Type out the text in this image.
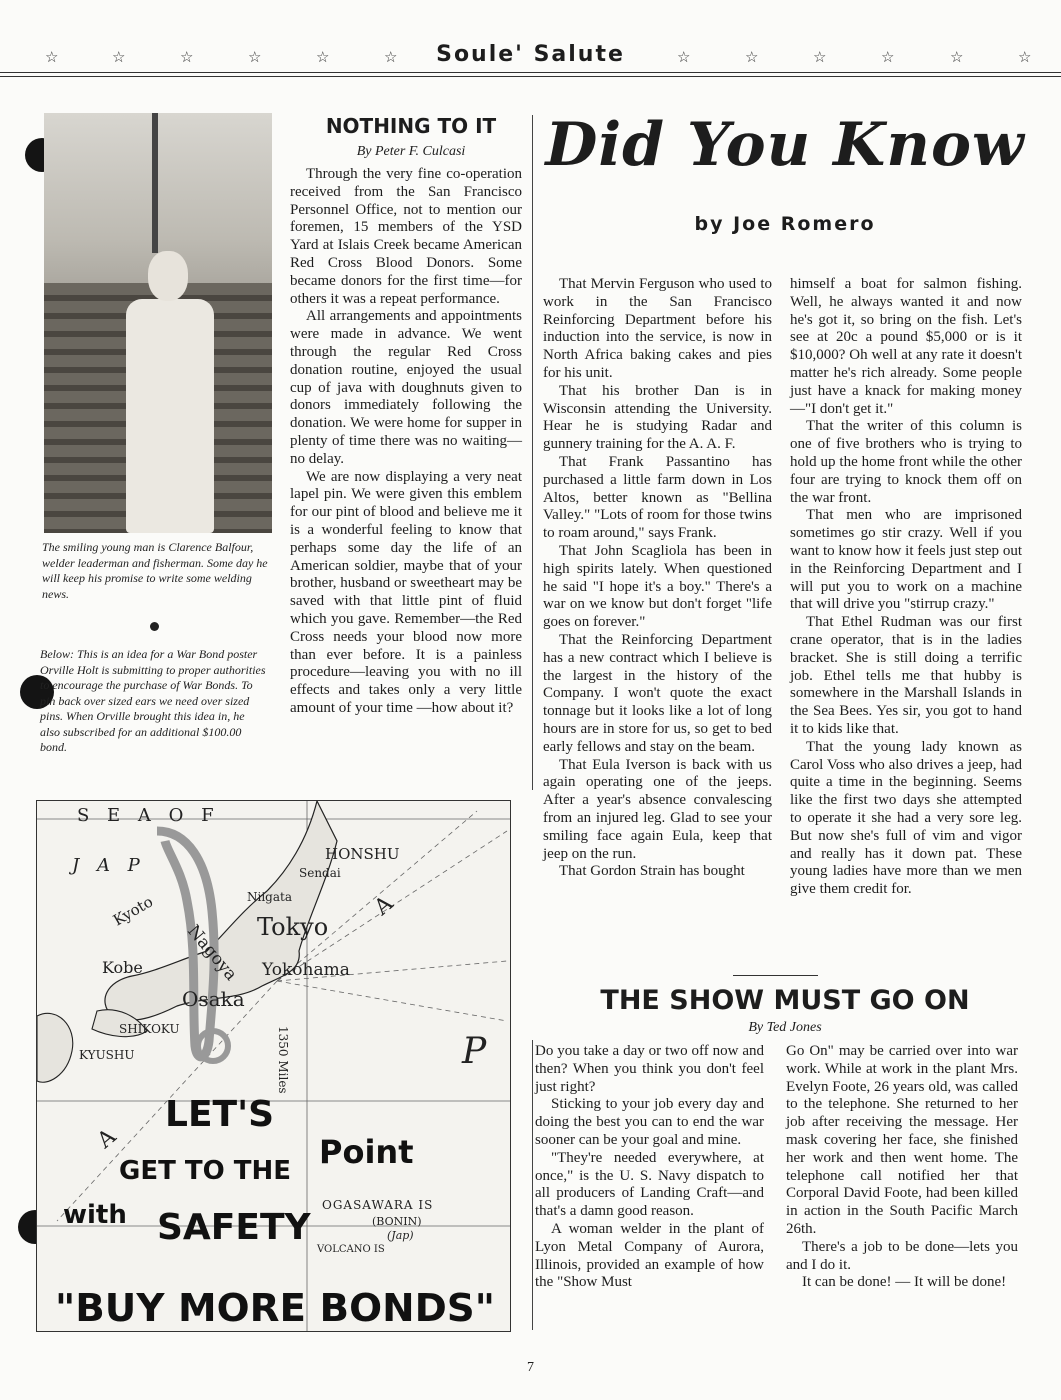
☆	☆	☆	☆	☆	☆	Soule' Salute	☆	☆	☆	☆	☆	☆
The smiling young man is Clarence Balfour, welder leaderman and fisherman. Some day he will keep his promise to write some welding news.
Below: This is an idea for a War Bond poster Orville Holt is submitting to proper authorities to encourage the purchase of War Bonds. To pin back over sized ears we need over sized pins. When Orville brought this idea in, he also subscribed for an additional $100.00 bond.
S E A O F
J A P
HONSHU
Sendai
Niigata
Tokyo
Kyoto
Nagoya
Kobe	Yokohama
Osaka
SHIKOKU
KYUSHU	1350 Miles	P
OGASAWARA IS
(BONIN)
(Jap)
VOLCANO IS
A
A
LET'S
GET TO THE Point
with SAFETY
"BUY MORE BONDS"
NOTHING TO IT
By Peter F. Culcasi

Through the very fine co-operation received from the San Francisco Personnel Office, not to mention our foremen, 15 members of the YSD Yard at Islais Creek became American Red Cross Blood Donors. Some became donors for the first time—for others it was a repeat performance.

All arrangements and appointments were made in advance. We went through the regular Red Cross donation routine, enjoyed the usual cup of java with doughnuts given to donors immediately following the donation. We were home for supper in plenty of time there was no waiting—no delay.

We are now displaying a very neat lapel pin. We were given this emblem for our pint of blood and believe me it is a wonderful feeling to know that perhaps some day the life of an American soldier, maybe that of your brother, husband or sweetheart may be saved with that little pint of fluid which you gave. Remember—the Red Cross needs your blood now more than ever before. It is a painless procedure—leaving you with no ill effects and takes only a very little amount of your time —how about it?

Did You Know
by Joe Romero

That Mervin Ferguson who used to work in the San Francisco Reinforcing Department before his induction into the service, is now in North Africa baking cakes and pies for his unit.

That his brother Dan is in Wisconsin attending the University. Hear he is studying Radar and gunnery training for the A. A. F.

That Frank Passantino has purchased a little farm down in Los Altos, better known as "Bellina Valley." "Lots of room for those twins to roam around," says Frank.

That John Scagliola has been in high spirits lately. When questioned he said "I hope it's a boy." There's a war on we know but don't forget "life goes on forever."

That the Reinforcing Department has a new contract which I believe is the largest in the history of the Company. I won't quote the exact tonnage but it looks like a lot of long hours are in store for us, so get to bed early fellows and stay on the beam.

That Eula Iverson is back with us again operating one of the jeeps. After a year's absence convalescing from an injured leg. Glad to see your smiling face again Eula, keep that jeep on the run.

That Gordon Strain has bought

himself a boat for salmon fishing. Well, he always wanted it and now he's got it, so bring on the fish. Let's see at 20c a pound $5,000 or is it $10,000? Oh well at any rate it doesn't matter he's rich already. Some people just have a knack for making money —"I don't get it."

That the writer of this column is one of five brothers who is trying to hold up the home front while the other four are trying to knock them off on the war front.

That men who are imprisoned sometimes go stir crazy. Well if you want to know how it feels just step out in the Reinforcing Department and I will put you to work on a machine that will drive you "stirrup crazy."

That Ethel Rudman was our first crane operator, that is in the ladies bracket. She is still doing a terrific job. Ethel tells me that hubby is somewhere in the Marshall Islands in the Sea Bees. Yes sir, you got to hand it to kids like that.

That the young lady known as Carol Voss who also drives a jeep, had quite a time in the beginning. Seems like the first two days she attempted to operate it she had a very sore leg. But now she's full of vim and vigor and really has it down pat. These young ladies have more than we men give them credit for.

THE SHOW MUST GO ON
By Ted Jones

Do you take a day or two off now and then? When you think you don't feel just right?

Sticking to your job every day and doing the best you can to end the war sooner can be your goal and mine.

"They're needed everywhere, at once," is the U. S. Navy dispatch to all producers of Landing Craft—and that's a damn good reason.

A woman welder in the plant of Lyon Metal Company of Aurora, Illinois, provided an example of how the "Show Must

Go On" may be carried over into war work. While at work in the plant Mrs. Evelyn Foote, 26 years old, was called to the telephone. She returned to her job after receiving the message. Her mask covering her face, she finished her work and then went home. The telephone call notified her that Corporal David Foote, had been killed in action in the South Pacific March 26th.

There's a job to be done—lets you and I do it.

It can be done! — It will be done!

7
